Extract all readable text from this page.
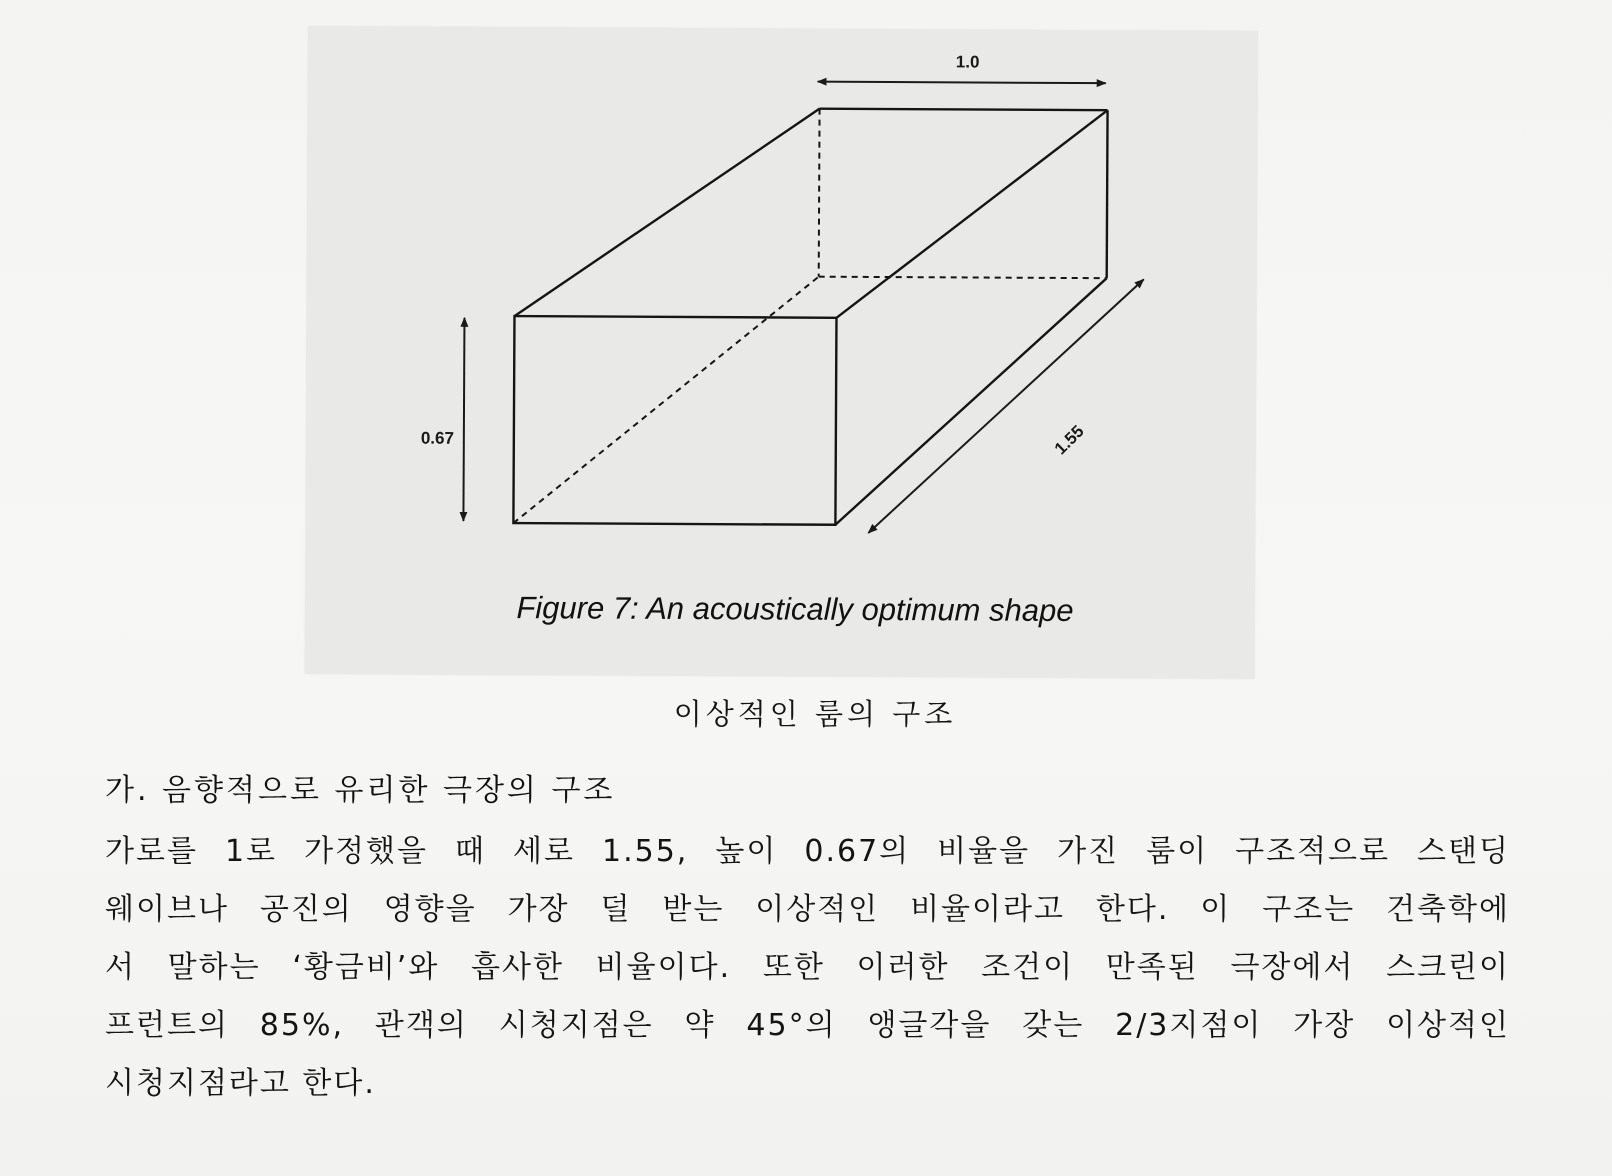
1.0
0.67	1.55
Figure 7: An acoustically optimum shape
이상적인 룸의 구조
가. 음향적으로 유리한 극장의 구조
가로를 1로 가정했을 때 세로 1.55, 높이 0.67의 비율을 가진 룸이 구조적으로 스탠딩
웨이브나 공진의 영향을 가장 덜 받는 이상적인 비율이라고 한다. 이 구조는 건축학에
서 말하는 ‘황금비’와 흡사한 비율이다. 또한 이러한 조건이 만족된 극장에서 스크린이
프런트의 85%, 관객의 시청지점은 약 45°의 앵글각을 갖는 2/3지점이 가장 이상적인
시청지점라고 한다.
